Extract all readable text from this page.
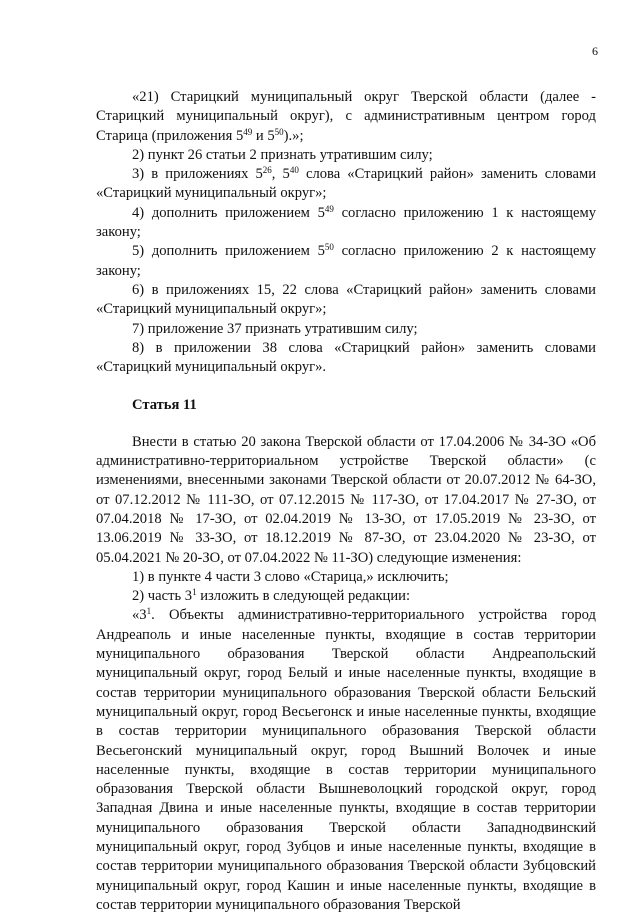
6

«21) Старицкий муниципальный округ Тверской области (далее - Старицкий муниципальный округ), с административным центром город Старица (приложения $5^{49}$ и $5^{50}$).»;

2) пункт 26 статьи 2 признать утратившим силу;

3) в приложениях $5^{26}$, $5^{40}$ слова «Старицкий район» заменить словами «Старицкий муниципальный округ»;

4) дополнить приложением $5^{49}$ согласно приложению 1 к настоящему закону;

5) дополнить приложением $5^{50}$ согласно приложению 2 к настоящему закону;

6) в приложениях 15, 22 слова «Старицкий район» заменить словами «Старицкий муниципальный округ»;

7) приложение 37 признать утратившим силу;

8) в приложении 38 слова «Старицкий район» заменить словами «Старицкий муниципальный округ».

Статья 11

Внести в статью 20 закона Тверской области от 17.04.2006 № 34-ЗО «Об административно-территориальном устройстве Тверской области» (с изменениями, внесенными законами Тверской области от 20.07.2012 № 64-ЗО, от 07.12.2012 № 111-ЗО, от 07.12.2015 № 117-ЗО, от 17.04.2017 № 27-ЗО, от 07.04.2018 № 17-ЗО, от 02.04.2019 № 13-ЗО, от 17.05.2019 № 23-ЗО, от 13.06.2019 № 33-ЗО, от 18.12.2019 № 87-ЗО, от 23.04.2020 № 23-ЗО, от 05.04.2021 № 20-ЗО, от 07.04.2022 № 11-ЗО) следующие изменения:

1) в пункте 4 части 3 слово «Старица,» исключить;

2) часть $3^1$ изложить в следующей редакции:

«$3^1$. Объекты административно-территориального устройства город Андреаполь и иные населенные пункты, входящие в состав территории муниципального образования Тверской области Андреапольский муниципальный округ, город Белый и иные населенные пункты, входящие в состав территории муниципального образования Тверской области Бельский муниципальный округ, город Весьегонск и иные населенные пункты, входящие в состав территории муниципального образования Тверской области Весьегонский муниципальный округ, город Вышний Волочек и иные населенные пункты, входящие в состав территории муниципального образования Тверской области Вышневолоцкий городской округ, город Западная Двина и иные населенные пункты, входящие в состав территории муниципального образования Тверской области Западнодвинский муниципальный округ, город Зубцов и иные населенные пункты, входящие в состав территории муниципального образования Тверской области Зубцовский муниципальный округ, город Кашин и иные населенные пункты, входящие в состав территории муниципального образования Тверской
